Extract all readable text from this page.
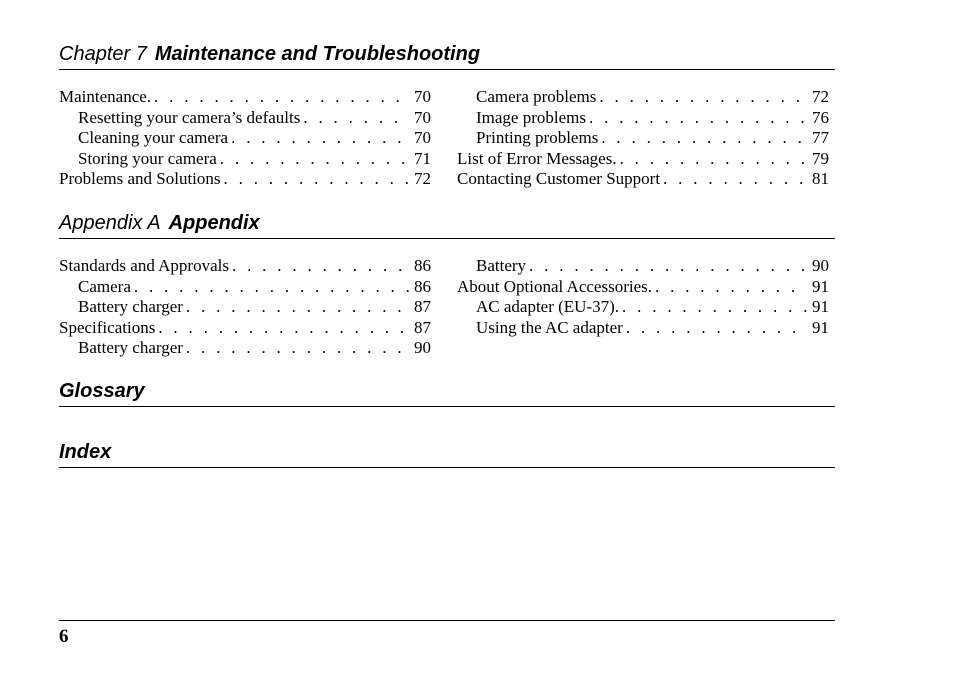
Chapter 7 Maintenance and Troubleshooting
Maintenance. . . .	70
Resetting your camera’s defaults . . .	70
Cleaning your camera . . .	70
Storing your camera . . .	71
Problems and Solutions . . .	72
Camera problems . . .	72
Image problems . . .	76
Printing problems . . .	77
List of Error Messages. . . .	79
Contacting Customer Support . . .	81
Appendix A Appendix
Standards and Approvals . . .	86
Camera . . .	86
Battery charger . . .	87
Specifications . . .	87
Battery charger . . .	90
Battery . . .	90
About Optional Accessories. . . .	91
AC adapter (EU-37). . . .	91
Using the AC adapter . . .	91
Glossary
Index
6
